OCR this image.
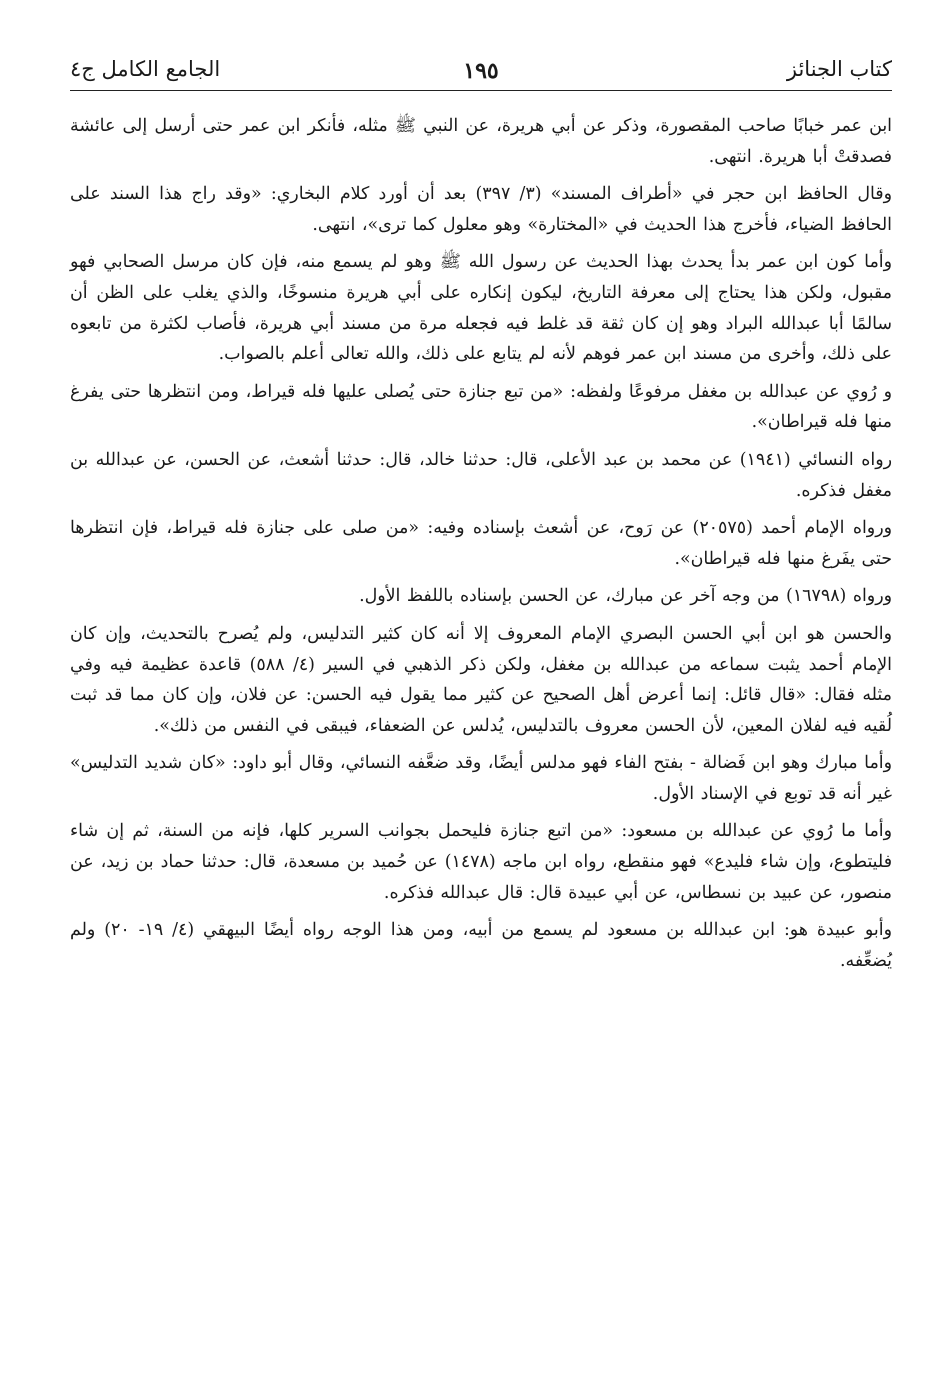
كتاب الجنائز
١٩٥
الجامع الكامل ج٤

ابن عمر خبابًا صاحب المقصورة، وذكر عن أبي هريرة، عن النبي ﷺ مثله، فأنكر ابن عمر حتى أرسل إلى عائشة فصدقتْ أبا هريرة. انتهى.

وقال الحافظ ابن حجر في «أطراف المسند» (٣/ ٣٩٧) بعد أن أورد كلام البخاري: «وقد راج هذا السند على الحافظ الضياء، فأخرج هذا الحديث في «المختارة» وهو معلول كما ترى»، انتهى.

وأما كون ابن عمر بدأ يحدث بهذا الحديث عن رسول الله ﷺ وهو لم يسمع منه، فإن كان مرسل الصحابي فهو مقبول، ولكن هذا يحتاج إلى معرفة التاريخ، ليكون إنكاره على أبي هريرة منسوخًا، والذي يغلب على الظن أن سالمًا أبا عبدالله البراد وهو إن كان ثقة قد غلط فيه فجعله مرة من مسند أبي هريرة، فأصاب لكثرة من تابعوه على ذلك، وأخرى من مسند ابن عمر فوهم لأنه لم يتابع على ذلك، والله تعالى أعلم بالصواب.

و رُوي عن عبدالله بن مغفل مرفوعًا ولفظه: «من تبع جنازة حتى يُصلى عليها فله قيراط، ومن انتظرها حتى يفرغ منها فله قيراطان».

رواه النسائي (١٩٤١) عن محمد بن عبد الأعلى، قال: حدثنا خالد، قال: حدثنا أشعث، عن الحسن، عن عبدالله بن مغفل فذكره.

ورواه الإمام أحمد (٢٠٥٧٥) عن رَوح، عن أشعث بإسناده وفيه: «من صلى على جنازة فله قيراط، فإن انتظرها حتى يفَرغ منها فله قيراطان».

ورواه (١٦٧٩٨) من وجه آخر عن مبارك، عن الحسن بإسناده باللفظ الأول.

والحسن هو ابن أبي الحسن البصري الإمام المعروف إلا أنه كان كثير التدليس، ولم يُصرح بالتحديث، وإن كان الإمام أحمد يثبت سماعه من عبدالله بن مغفل، ولكن ذكر الذهبي في السير (٤/ ٥٨٨) قاعدة عظيمة فيه وفي مثله فقال: «قال قائل: إنما أعرض أهل الصحيح عن كثير مما يقول فيه الحسن: عن فلان، وإن كان مما قد ثبت لُقيه فيه لفلان المعين، لأن الحسن معروف بالتدليس، يُدلس عن الضعفاء، فيبقى في النفس من ذلك».

وأما مبارك وهو ابن فَضالة - بفتح الفاء فهو مدلس أيضًا، وقد ضعَّفه النسائي، وقال أبو داود: «كان شديد التدليس» غير أنه قد توبع في الإسناد الأول.

وأما ما رُوي عن عبدالله بن مسعود: «من اتبع جنازة فليحمل بجوانب السرير كلها، فإنه من السنة، ثم إن شاء فليتطوع، وإن شاء فليدع» فهو منقطع، رواه ابن ماجه (١٤٧٨) عن حُميد بن مسعدة، قال: حدثنا حماد بن زيد، عن منصور، عن عبيد بن نسطاس، عن أبي عبيدة قال: قال عبدالله فذكره.

وأبو عبيدة هو: ابن عبدالله بن مسعود لم يسمع من أبيه، ومن هذا الوجه رواه أيضًا البيهقي (٤/ ١٩- ٢٠) ولم يُضعِّفه.
